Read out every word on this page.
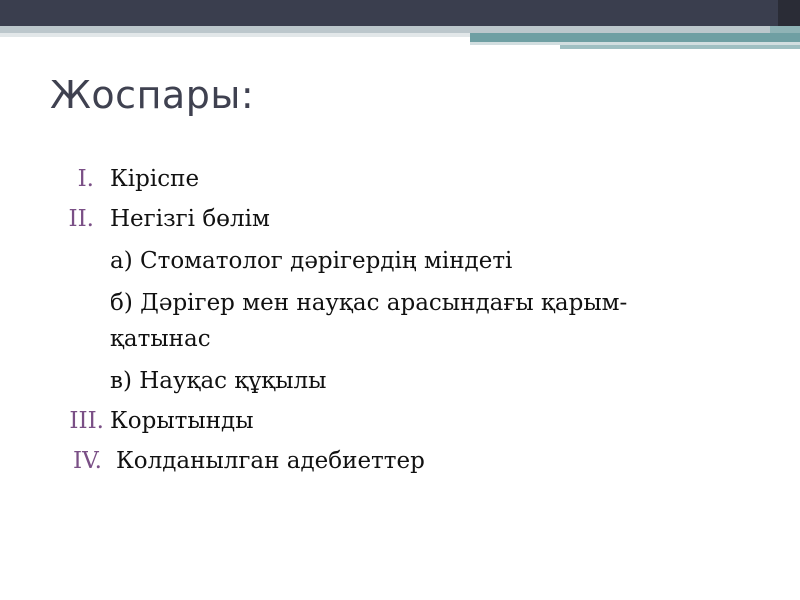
Жоспары:
I. Кіріспе
II. Негізгі бөлім
а) Стоматолог дәрігердің міндеті
б) Дәрігер мен науқас арасындағы қарым-
қатынас
в) Науқас құқылы
III. Корытынды
IV. Колданылган адебиеттер
